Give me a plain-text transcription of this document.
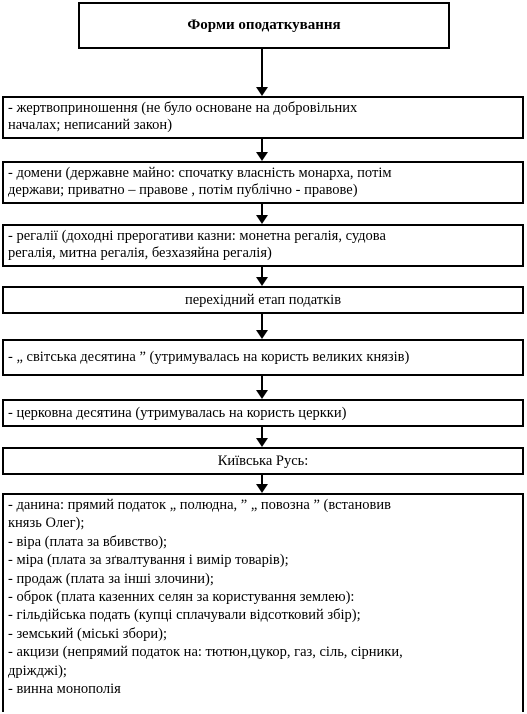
Форми оподаткування

- жертвоприношення (не було основане на добровільних
началах; неписаний закон)

- домени (державне майно: спочатку власність монарха, потім
держави; приватно – правове , потім публічно - правове)

- регалії (доходні прерогативи казни: монетна регалія, судова
регалія, митна регалія, безхазяйна регалія)

перехідний етап податків

- „ світська десятина ” (утримувалась на користь великих князів)

- церковна десятина (утримувалась на користь церкки)

Київська Русь:

- данина: прямий податок „ полюдна, ” „ повозна ” (встановив
князь Олег);
- віра (плата за вбивство);
- міра (плата за зґвалтування і вимір товарів);
- продаж (плата за інші злочини);
- оброк (плата казенних селян за користування землею):
- гільдійська подать (купці сплачували відсотковий збір);
- земський (міські збори);
- акцизи (непрямий податок на: тютюн,цукор, газ, сіль, сірники,
дріжджі);
- винна монополія
